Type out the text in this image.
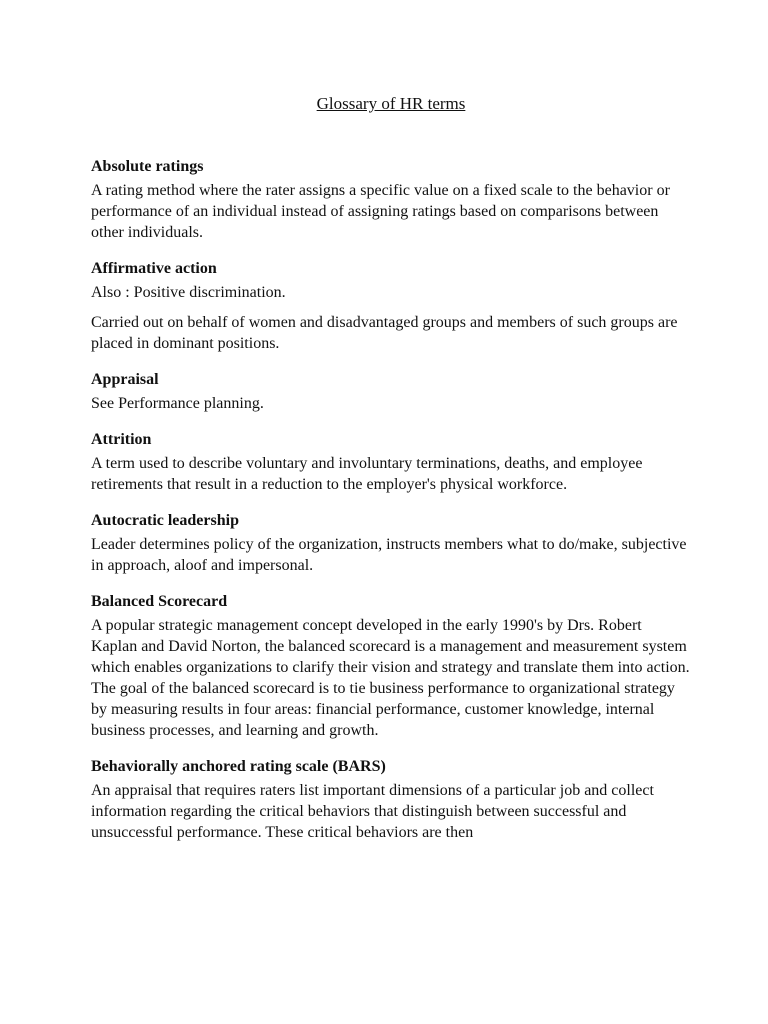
Glossary of HR terms
Absolute ratings
A rating method where the rater assigns a specific value on a fixed scale to the behavior or performance of an individual instead of assigning ratings based on comparisons between other individuals.
Affirmative action
Also : Positive discrimination.
Carried out on behalf of women and disadvantaged groups and members of such groups are placed in dominant positions.
Appraisal
See Performance planning.
Attrition
A term used to describe voluntary and involuntary terminations, deaths, and employee retirements that result in a reduction to the employer's physical workforce.
Autocratic leadership
Leader determines policy of the organization, instructs members what to do/make, subjective in approach, aloof and impersonal.
Balanced Scorecard
A popular strategic management concept developed in the early 1990's by Drs. Robert Kaplan and David Norton, the balanced scorecard is a management and measurement system which enables organizations to clarify their vision and strategy and translate them into action. The goal of the balanced scorecard is to tie business performance to organizational strategy by measuring results in four areas: financial performance, customer knowledge, internal business processes, and learning and growth.
Behaviorally anchored rating scale (BARS)
An appraisal that requires raters list important dimensions of a particular job and collect information regarding the critical behaviors that distinguish between successful and unsuccessful performance. These critical behaviors are then
